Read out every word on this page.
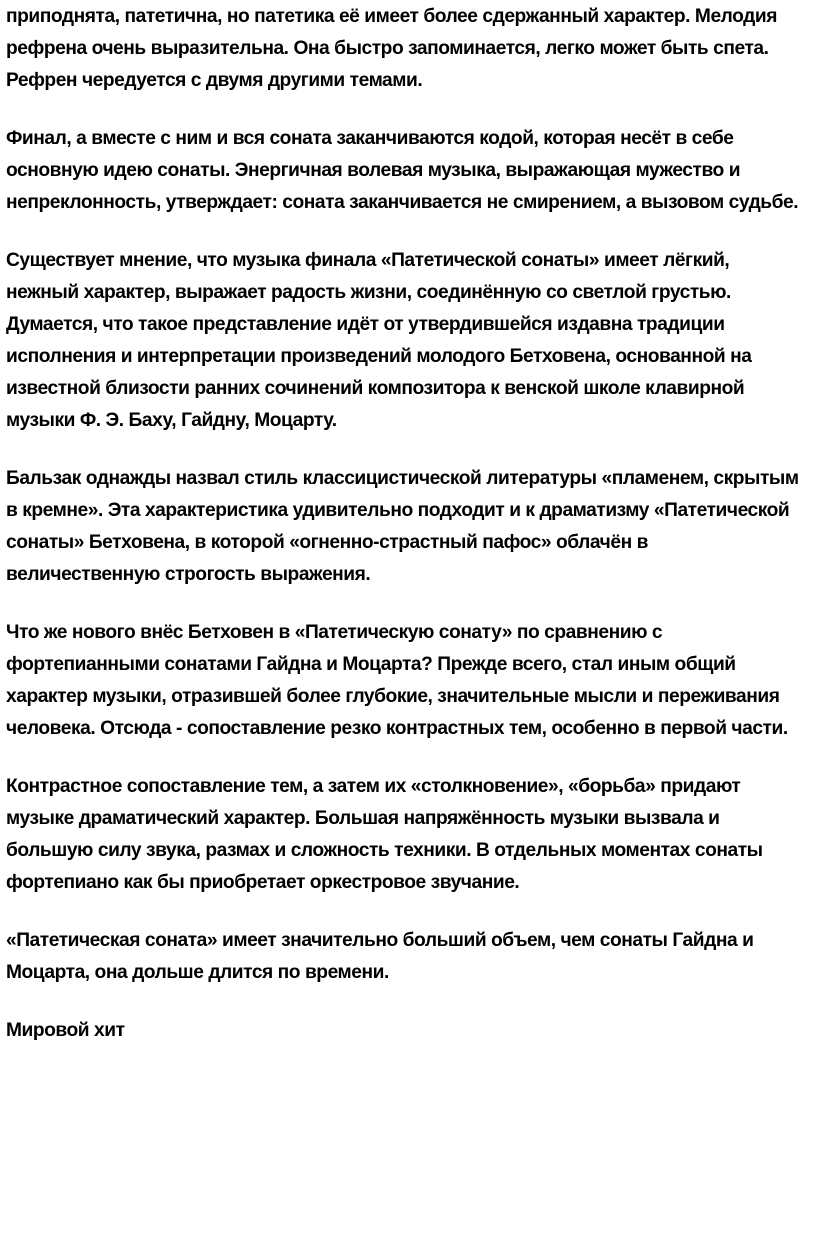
приподнята, патетична, но патетика её имеет более сдержанный характер. Мелодия рефрена очень выразительна. Она быстро запоминается, легко может быть спета. Рефрен чередуется с двумя другими темами.

Финал, а вместе с ним и вся соната заканчиваются кодой, которая несёт в себе основную идею сонаты. Энергичная волевая музыка, выражающая мужество и непреклонность, утверждает: соната заканчивается не смирением, а вызовом судьбе.

Существует мнение, что музыка финала «Патетической сонаты» имеет лёгкий, нежный характер, выражает радость жизни, соединённую со светлой грустью. Думается, что такое представление идёт от утвердившейся издавна традиции исполнения и интерпретации произведений молодого Бетховена, основанной на известной близости ранних сочинений композитора к венской школе клавирной музыки Ф. Э. Баху, Гайдну, Моцарту.

Бальзак однажды назвал стиль классицистической литературы «пламенем, скрытым в кремне». Эта характеристика удивительно подходит и к драматизму «Патетической сонаты» Бетховена, в которой «огненно-страстный пафос» облачён в величественную строгость выражения.

Что же нового внёс Бетховен в «Патетическую сонату» по сравнению с фортепианными сонатами Гайдна и Моцарта? Прежде всего, стал иным общий характер музыки, отразившей более глубокие, значительные мысли и переживания человека. Отсюда - сопоставление резко контрастных тем, особенно в первой части.

Контрастное сопоставление тем, а затем их «столкновение», «борьба» придают музыке драматический характер. Большая напряжённость музыки вызвала и большую силу звука, размах и сложность техники. В отдельных моментах сонаты фортепиано как бы приобретает оркестровое звучание.

«Патетическая соната» имеет значительно больший объем, чем сонаты Гайдна и Моцарта, она дольше длится по времени.

Мировой хит
